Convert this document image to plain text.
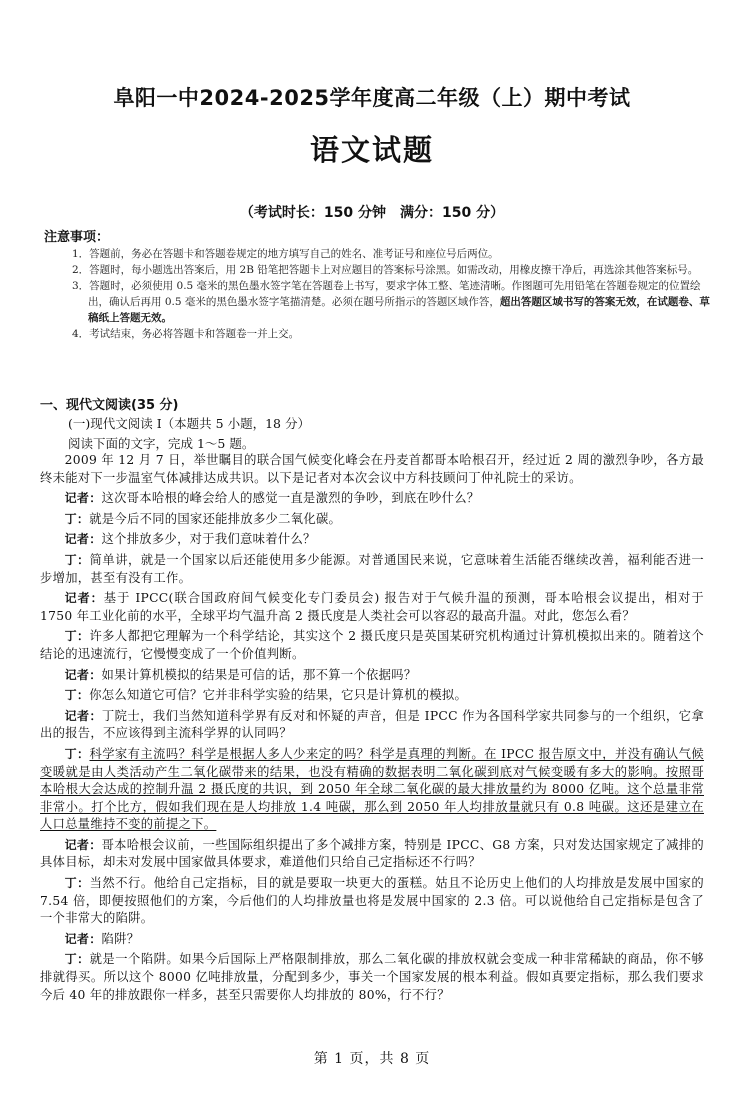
阜阳一中2024-2025学年度高二年级（上）期中考试
语文试题
（考试时长：150 分钟　满分：150 分）
注意事项：
1．答题前，务必在答题卡和答题卷规定的地方填写自己的姓名、准考证号和座位号后两位。
2．答题时，每小题选出答案后，用 2B 铅笔把答题卡上对应题目的答案标号涂黑。如需改动，用橡皮擦干净后，再选涂其他答案标号。
3．答题时，必须使用 0.5 毫米的黑色墨水签字笔在答题卷上书写，要求字体工整、笔迹清晰。作图题可先用铅笔在答题卷规定的位置绘出，确认后再用 0.5 毫米的黑色墨水签字笔描清楚。必须在题号所指示的答题区域作答，超出答题区域书写的答案无效，在试题卷、草稿纸上答题无效。
4．考试结束，务必将答题卡和答题卷一并上交。
一、现代文阅读(35 分)
(一)现代文阅读 I（本题共 5 小题，18 分）
阅读下面的文字，完成 1～5 题。

2009 年 12 月 7 日，举世瞩目的联合国气候变化峰会在丹麦首都哥本哈根召开，经过近 2 周的激烈争吵，各方最终未能对下一步温室气体减排达成共识。以下是记者对本次会议中方科技顾问丁仲礼院士的采访。

记者：这次哥本哈根的峰会给人的感觉一直是激烈的争吵，到底在吵什么？

丁：就是今后不同的国家还能排放多少二氧化碳。

记者：这个排放多少，对于我们意味着什么？

丁：简单讲，就是一个国家以后还能使用多少能源。对普通国民来说，它意味着生活能否继续改善，福利能否进一步增加，甚至有没有工作。

记者：基于 IPCC(联合国政府间气候变化专门委员会) 报告对于气候升温的预测，哥本哈根会议提出，相对于 1750 年工业化前的水平，全球平均气温升高 2 摄氏度是人类社会可以容忍的最高升温。对此，您怎么看？

丁：许多人都把它理解为一个科学结论，其实这个 2 摄氏度只是英国某研究机构通过计算机模拟出来的。随着这个结论的迅速流行，它慢慢变成了一个价值判断。

记者：如果计算机模拟的结果是可信的话，那不算一个依据吗？

丁：你怎么知道它可信？它并非科学实验的结果，它只是计算机的模拟。

记者：丁院士，我们当然知道科学界有反对和怀疑的声音，但是 IPCC 作为各国科学家共同参与的一个组织，它拿出的报告，不应该得到主流科学界的认同吗？

丁：科学家有主流吗？科学是根据人多人少来定的吗？科学是真理的判断。在 IPCC 报告原文中，并没有确认气候变暖就是由人类活动产生二氧化碳带来的结果，也没有精确的数据表明二氧化碳到底对气候变暖有多大的影响。按照哥本哈根大会达成的控制升温 2 摄氏度的共识，到 2050 年全球二氧化碳的最大排放量约为 8000 亿吨。这个总量非常非常小。打个比方，假如我们现在是人均排放 1.4 吨碳，那么到 2050 年人均排放量就只有 0.8 吨碳。这还是建立在人口总量维持不变的前提之下。

记者：哥本哈根会议前，一些国际组织提出了多个减排方案，特别是 IPCC、G8 方案，只对发达国家规定了减排的具体目标，却未对发展中国家做具体要求，难道他们只给自己定指标还不行吗？

丁：当然不行。他给自己定指标，目的就是要取一块更大的蛋糕。姑且不论历史上他们的人均排放是发展中国家的 7.54 倍，即便按照他们的方案，今后他们的人均排放量也将是发展中国家的 2.3 倍。可以说他给自己定指标是包含了一个非常大的陷阱。

记者：陷阱？

丁：就是一个陷阱。如果今后国际上严格限制排放，那么二氧化碳的排放权就会变成一种非常稀缺的商品，你不够排就得买。所以这个 8000 亿吨排放量，分配到多少，事关一个国家发展的根本利益。假如真要定指标，那么我们要求今后 40 年的排放跟你一样多，甚至只需要你人均排放的 80%，行不行？

第 1 页，共 8 页
